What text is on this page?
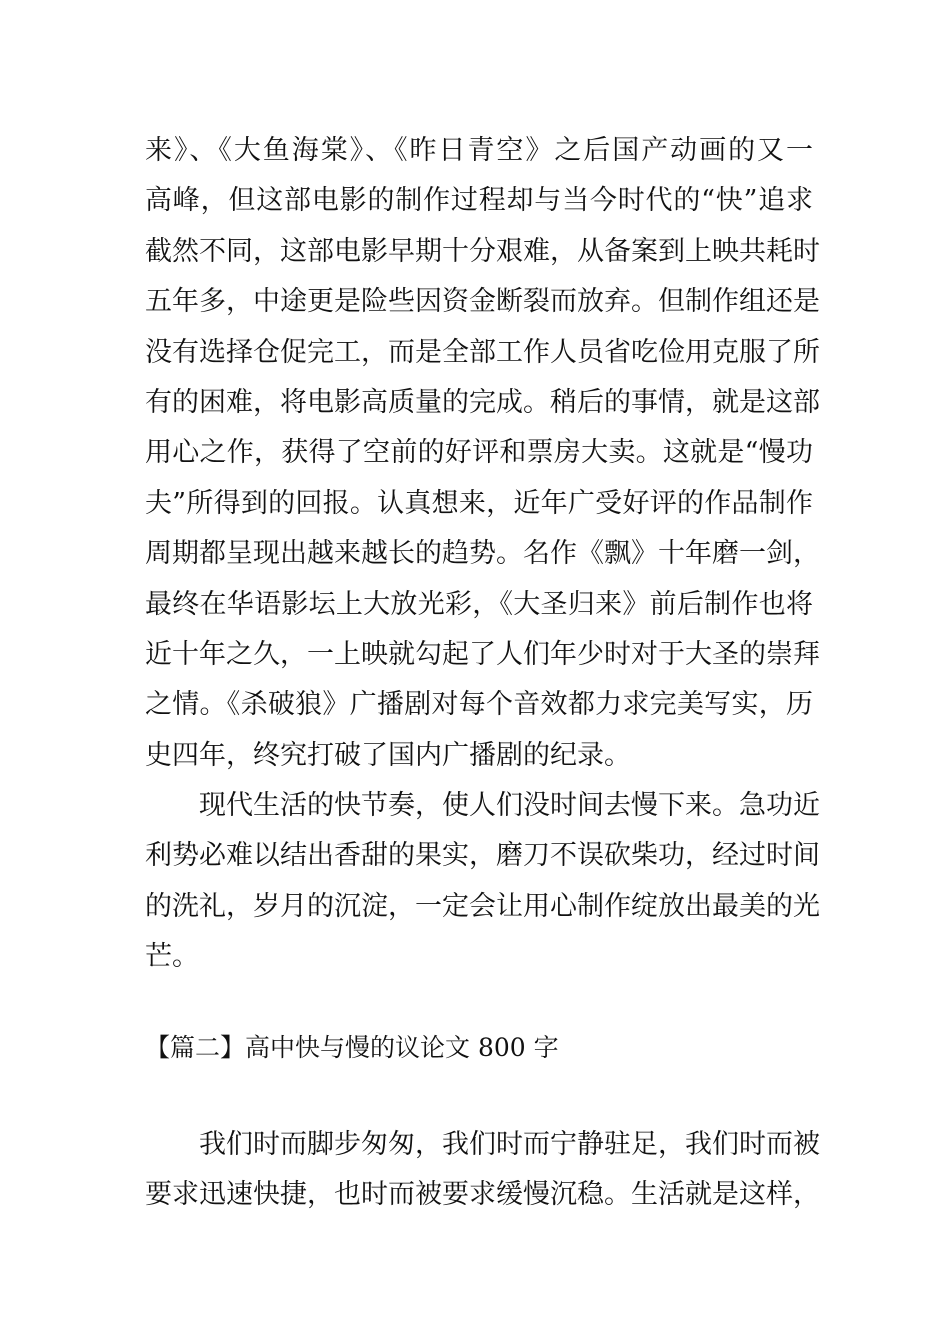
来》、《大鱼海棠》、《昨日青空》之后国产动画的又一
高峰，但这部电影的制作过程却与当今时代的“快”追求
截然不同，这部电影早期十分艰难，从备案到上映共耗时
五年多，中途更是险些因资金断裂而放弃。但制作组还是
没有选择仓促完工，而是全部工作人员省吃俭用克服了所
有的困难，将电影高质量的完成。稍后的事情，就是这部
用心之作，获得了空前的好评和票房大卖。这就是“慢功
夫”所得到的回报。认真想来，近年广受好评的作品制作
周期都呈现出越来越长的趋势。名作《飘》十年磨一剑，
最终在华语影坛上大放光彩，《大圣归来》前后制作也将
近十年之久，一上映就勾起了人们年少时对于大圣的崇拜
之情。《杀破狼》广播剧对每个音效都力求完美写实，历
史四年，终究打破了国内广播剧的纪录。
现代生活的快节奏，使人们没时间去慢下来。急功近
利势必难以结出香甜的果实，磨刀不误砍柴功，经过时间
的洗礼，岁月的沉淀，一定会让用心制作绽放出最美的光
芒。
【篇二】高中快与慢的议论文 800 字
我们时而脚步匆匆，我们时而宁静驻足，我们时而被
要求迅速快捷，也时而被要求缓慢沉稳。生活就是这样，
